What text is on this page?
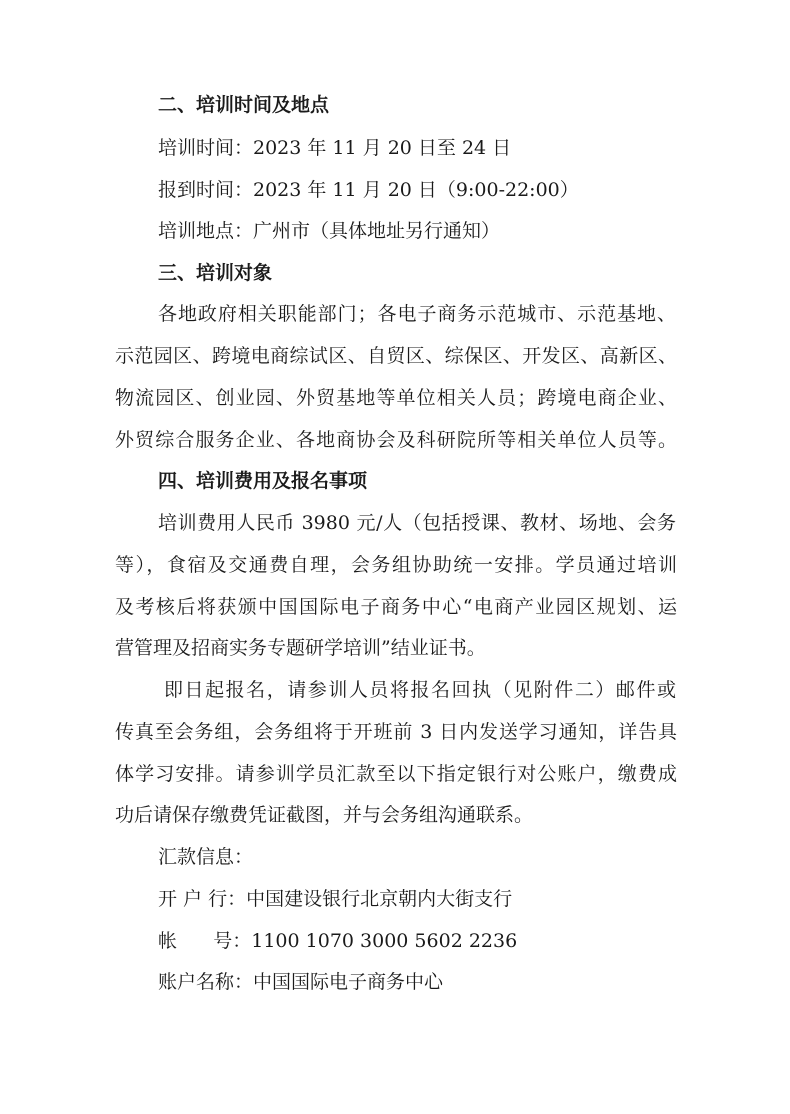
二、培训时间及地点
培训时间：2023 年 11 月 20 日至 24 日
报到时间：2023 年 11 月 20 日（9:00-22:00）
培训地点：广州市（具体地址另行通知）
三、培训对象
各地政府相关职能部门；各电子商务示范城市、示范基地、
示范园区、跨境电商综试区、自贸区、综保区、开发区、高新区、
物流园区、创业园、外贸基地等单位相关人员；跨境电商企业、
外贸综合服务企业、各地商协会及科研院所等相关单位人员等。
四、培训费用及报名事项
培训费用人民币 3980 元/人（包括授课、教材、场地、会务
等），食宿及交通费自理，会务组协助统一安排。学员通过培训
及考核后将获颁中国国际电子商务中心“电商产业园区规划、运
营管理及招商实务专题研学培训”结业证书。
即日起报名，请参训人员将报名回执（见附件二）邮件或
传真至会务组，会务组将于开班前 3 日内发送学习通知，详告具
体学习安排。请参训学员汇款至以下指定银行对公账户，缴费成
功后请保存缴费凭证截图，并与会务组沟通联系。
汇款信息：
开 户 行：中国建设银行北京朝内大街支行
帐      号：1100 1070 3000 5602 2236
账户名称：中国国际电子商务中心
